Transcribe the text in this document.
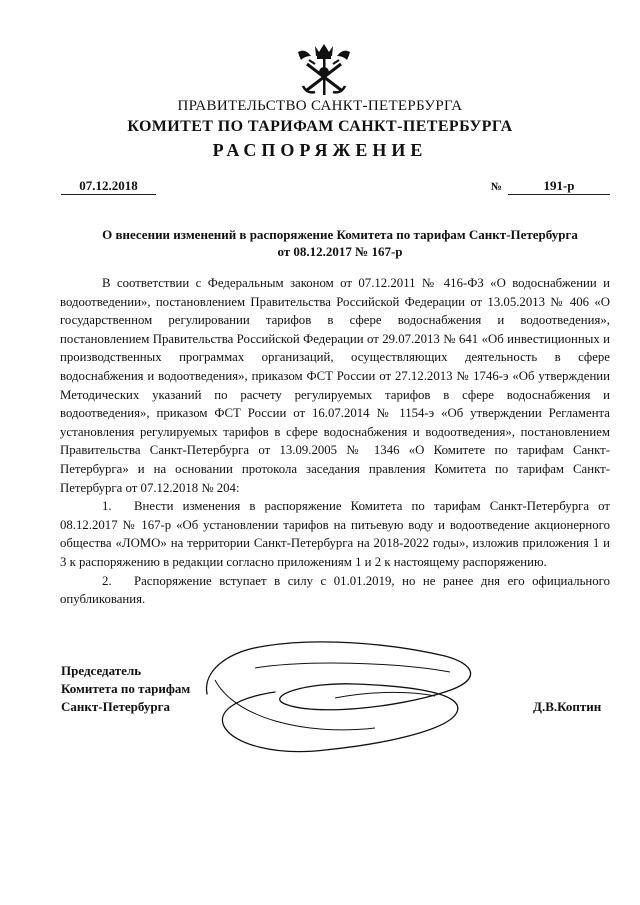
ПРАВИТЕЛЬСТВО САНКТ-ПЕТЕРБУРГА
КОМИТЕТ ПО ТАРИФАМ САНКТ-ПЕТЕРБУРГА
РАСПОРЯЖЕНИЕ
07.12.2018	№	191-р
О внесении изменений в распоряжение Комитета по тарифам Санкт-Петербурга
от 08.12.2017 № 167-р

В соответствии с Федеральным законом от 07.12.2011 № 416-ФЗ «О водоснабжении и водоотведении», постановлением Правительства Российской Федерации от 13.05.2013 № 406 «О государственном регулировании тарифов в сфере водоснабжения и водоотведения», постановлением Правительства Российской Федерации от 29.07.2013 № 641 «Об инвестиционных и производственных программах организаций, осуществляющих деятельность в сфере водоснабжения и водоотведения», приказом ФСТ России от 27.12.2013 № 1746-э «Об утверждении Методических указаний по расчету регулируемых тарифов в сфере водоснабжения и водоотведения», приказом ФСТ России от 16.07.2014 № 1154-э «Об утверждении Регламента установления регулируемых тарифов в сфере водоснабжения и водоотведения», постановлением Правительства Санкт-Петербурга от 13.09.2005 № 1346 «О Комитете по тарифам Санкт-Петербурга» и на основании протокола заседания правления Комитета по тарифам Санкт-Петербурга от 07.12.2018 № 204:

1. Внести изменения в распоряжение Комитета по тарифам Санкт-Петербурга от 08.12.2017 № 167-р «Об установлении тарифов на питьевую воду и водоотведение акционерного общества «ЛОМО» на территории Санкт-Петербурга на 2018-2022 годы», изложив приложения 1 и 3 к распоряжению в редакции согласно приложениям 1 и 2 к настоящему распоряжению.

2. Распоряжение вступает в силу с 01.01.2019, но не ранее дня его официального опубликования.

Председатель
Комитета по тарифам
Санкт-Петербурга	Д.В.Коптин
